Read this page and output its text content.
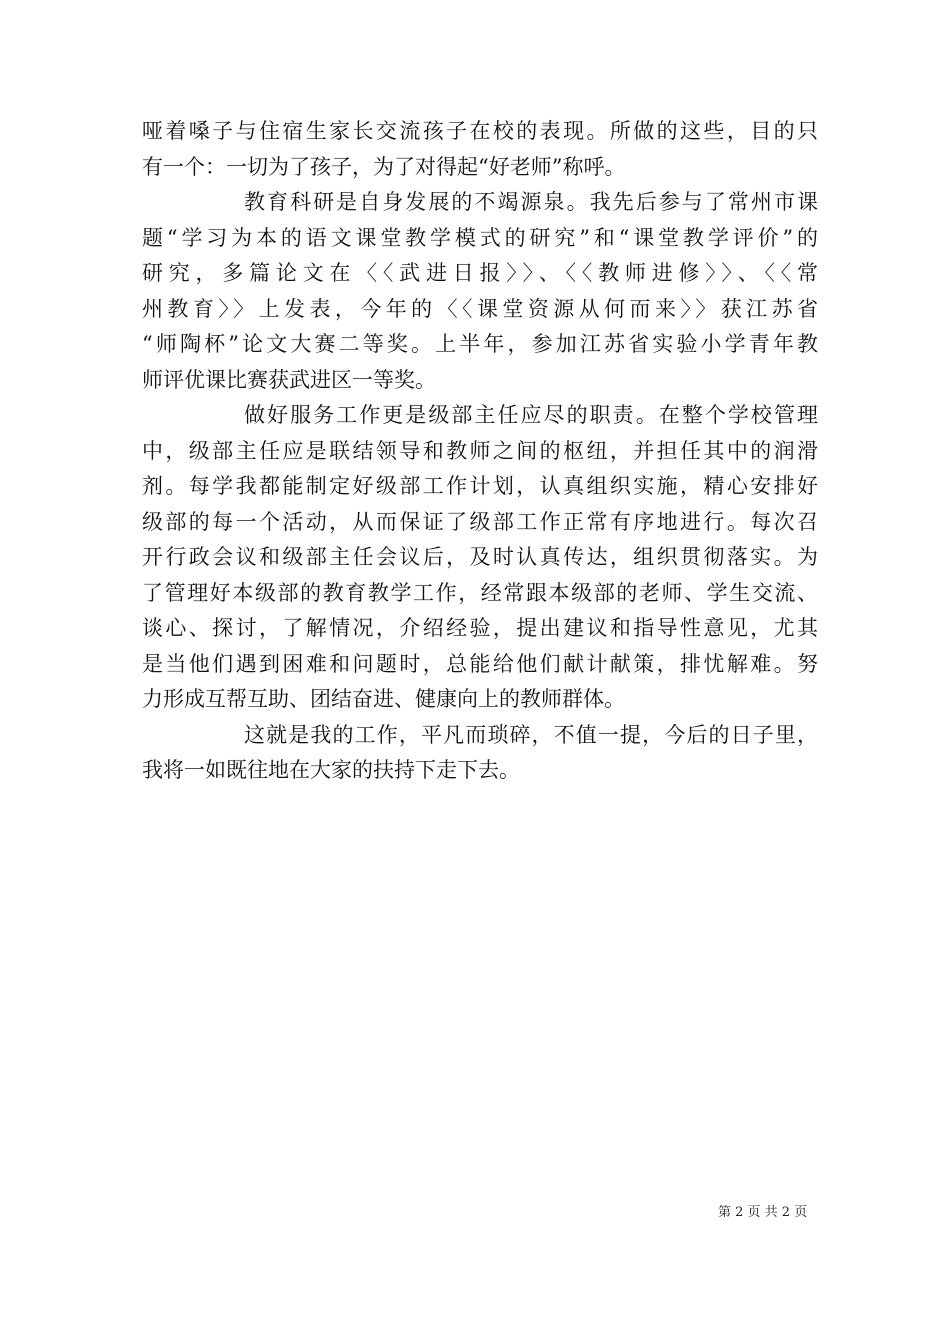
哑着嗓子与住宿生家长交流孩子在校的表现。所做的这些，目的只
有一个：一切为了孩子，为了对得起“好老师”称呼。
教育科研是自身发展的不竭源泉。我先后参与了常州市课
题“学习为本的语文课堂教学模式的研究”和“课堂教学评价”的
研究，多篇论文在〈〈武进日报〉〉、〈〈教师进修〉〉、〈〈常
州教育〉〉上发表，今年的〈〈课堂资源从何而来〉〉获江苏省
“师陶杯”论文大赛二等奖。上半年，参加江苏省实验小学青年教
师评优课比赛获武进区一等奖。
做好服务工作更是级部主任应尽的职责。在整个学校管理
中，级部主任应是联结领导和教师之间的枢纽，并担任其中的润滑
剂。每学我都能制定好级部工作计划，认真组织实施，精心安排好
级部的每一个活动，从而保证了级部工作正常有序地进行。每次召
开行政会议和级部主任会议后，及时认真传达，组织贯彻落实。为
了管理好本级部的教育教学工作，经常跟本级部的老师、学生交流、
谈心、探讨，了解情况，介绍经验，提出建议和指导性意见，尤其
是当他们遇到困难和问题时，总能给他们献计献策，排忧解难。努
力形成互帮互助、团结奋进、健康向上的教师群体。
这就是我的工作，平凡而琐碎，不值一提，今后的日子里，
我将一如既往地在大家的扶持下走下去。
第 2 页 共 2 页
